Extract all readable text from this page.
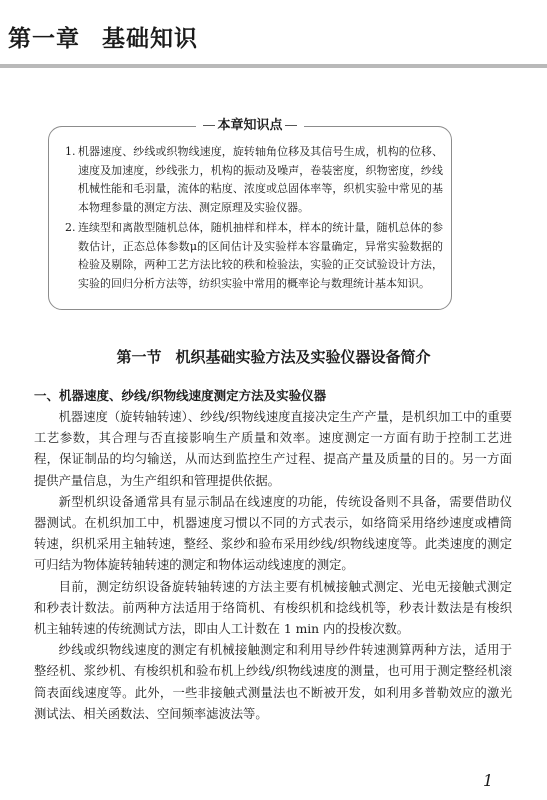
第一章 基础知识
本章知识点
1. 机器速度、纱线或织物线速度，旋转轴角位移及其信号生成，机构的位移、速度及加速度，纱线张力，机构的振动及噪声，卷装密度，织物密度，纱线机械性能和毛羽量，流体的粘度、浓度或总固体率等，织机实验中常见的基本物理参量的测定方法、测定原理及实验仪器。
2. 连续型和离散型随机总体，随机抽样和样本，样本的统计量，随机总体的参数估计，正态总体参数μ的区间估计及实验样本容量确定，异常实验数据的检验及剔除，两种工艺方法比较的秩和检验法，实验的正交试验设计方法，实验的回归分析方法等，纺织实验中常用的概率论与数理统计基本知识。
第一节 机织基础实验方法及实验仪器设备简介
一、机器速度、纱线/织物线速度测定方法及实验仪器

机器速度（旋转轴转速）、纱线/织物线速度直接决定生产产量，是机织加工中的重要工艺参数，其合理与否直接影响生产质量和效率。速度测定一方面有助于控制工艺进程，保证制品的均匀输送，从而达到监控生产过程、提高产量及质量的目的。另一方面提供产量信息，为生产组织和管理提供依据。

新型机织设备通常具有显示制品在线速度的功能，传统设备则不具备，需要借助仪器测试。在机织加工中，机器速度习惯以不同的方式表示，如络筒采用络纱速度或槽筒转速，织机采用主轴转速，整经、浆纱和验布采用纱线/织物线速度等。此类速度的测定可归结为物体旋转轴转速的测定和物体运动线速度的测定。

目前，测定纺织设备旋转轴转速的方法主要有机械接触式测定、光电无接触式测定和秒表计数法。前两种方法适用于络筒机、有梭织机和捻线机等，秒表计数法是有梭织机主轴转速的传统测试方法，即由人工计数在 1 min 内的投梭次数。

纱线或织物线速度的测定有机械接触测定和利用导纱件转速测算两种方法，适用于整经机、浆纱机、有梭织机和验布机上纱线/织物线速度的测量，也可用于测定整经机滚筒表面线速度等。此外，一些非接触式测量法也不断被开发，如利用多普勒效应的激光测试法、相关函数法、空间频率滤波法等。

1
